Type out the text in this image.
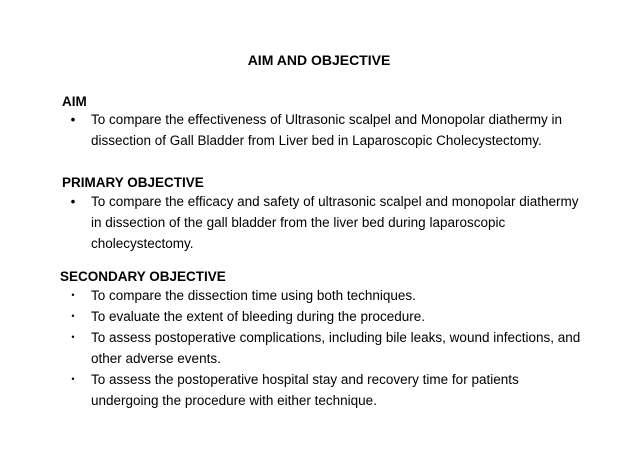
AIM AND OBJECTIVE
AIM
• To compare the effectiveness of Ultrasonic scalpel and Monopolar diathermy in
dissection of Gall Bladder from Liver bed in Laparoscopic Cholecystectomy.
PRIMARY OBJECTIVE
• To compare the efficacy and safety of ultrasonic scalpel and monopolar diathermy
in dissection of the gall bladder from the liver bed during laparoscopic
cholecystectomy.
SECONDARY OBJECTIVE
•	To compare the dissection time using both techniques.
•	To evaluate the extent of bleeding during the procedure.
•	To assess postoperative complications, including bile leaks, wound infections, and
other adverse events.
•	To assess the postoperative hospital stay and recovery time for patients
undergoing the procedure with either technique.
